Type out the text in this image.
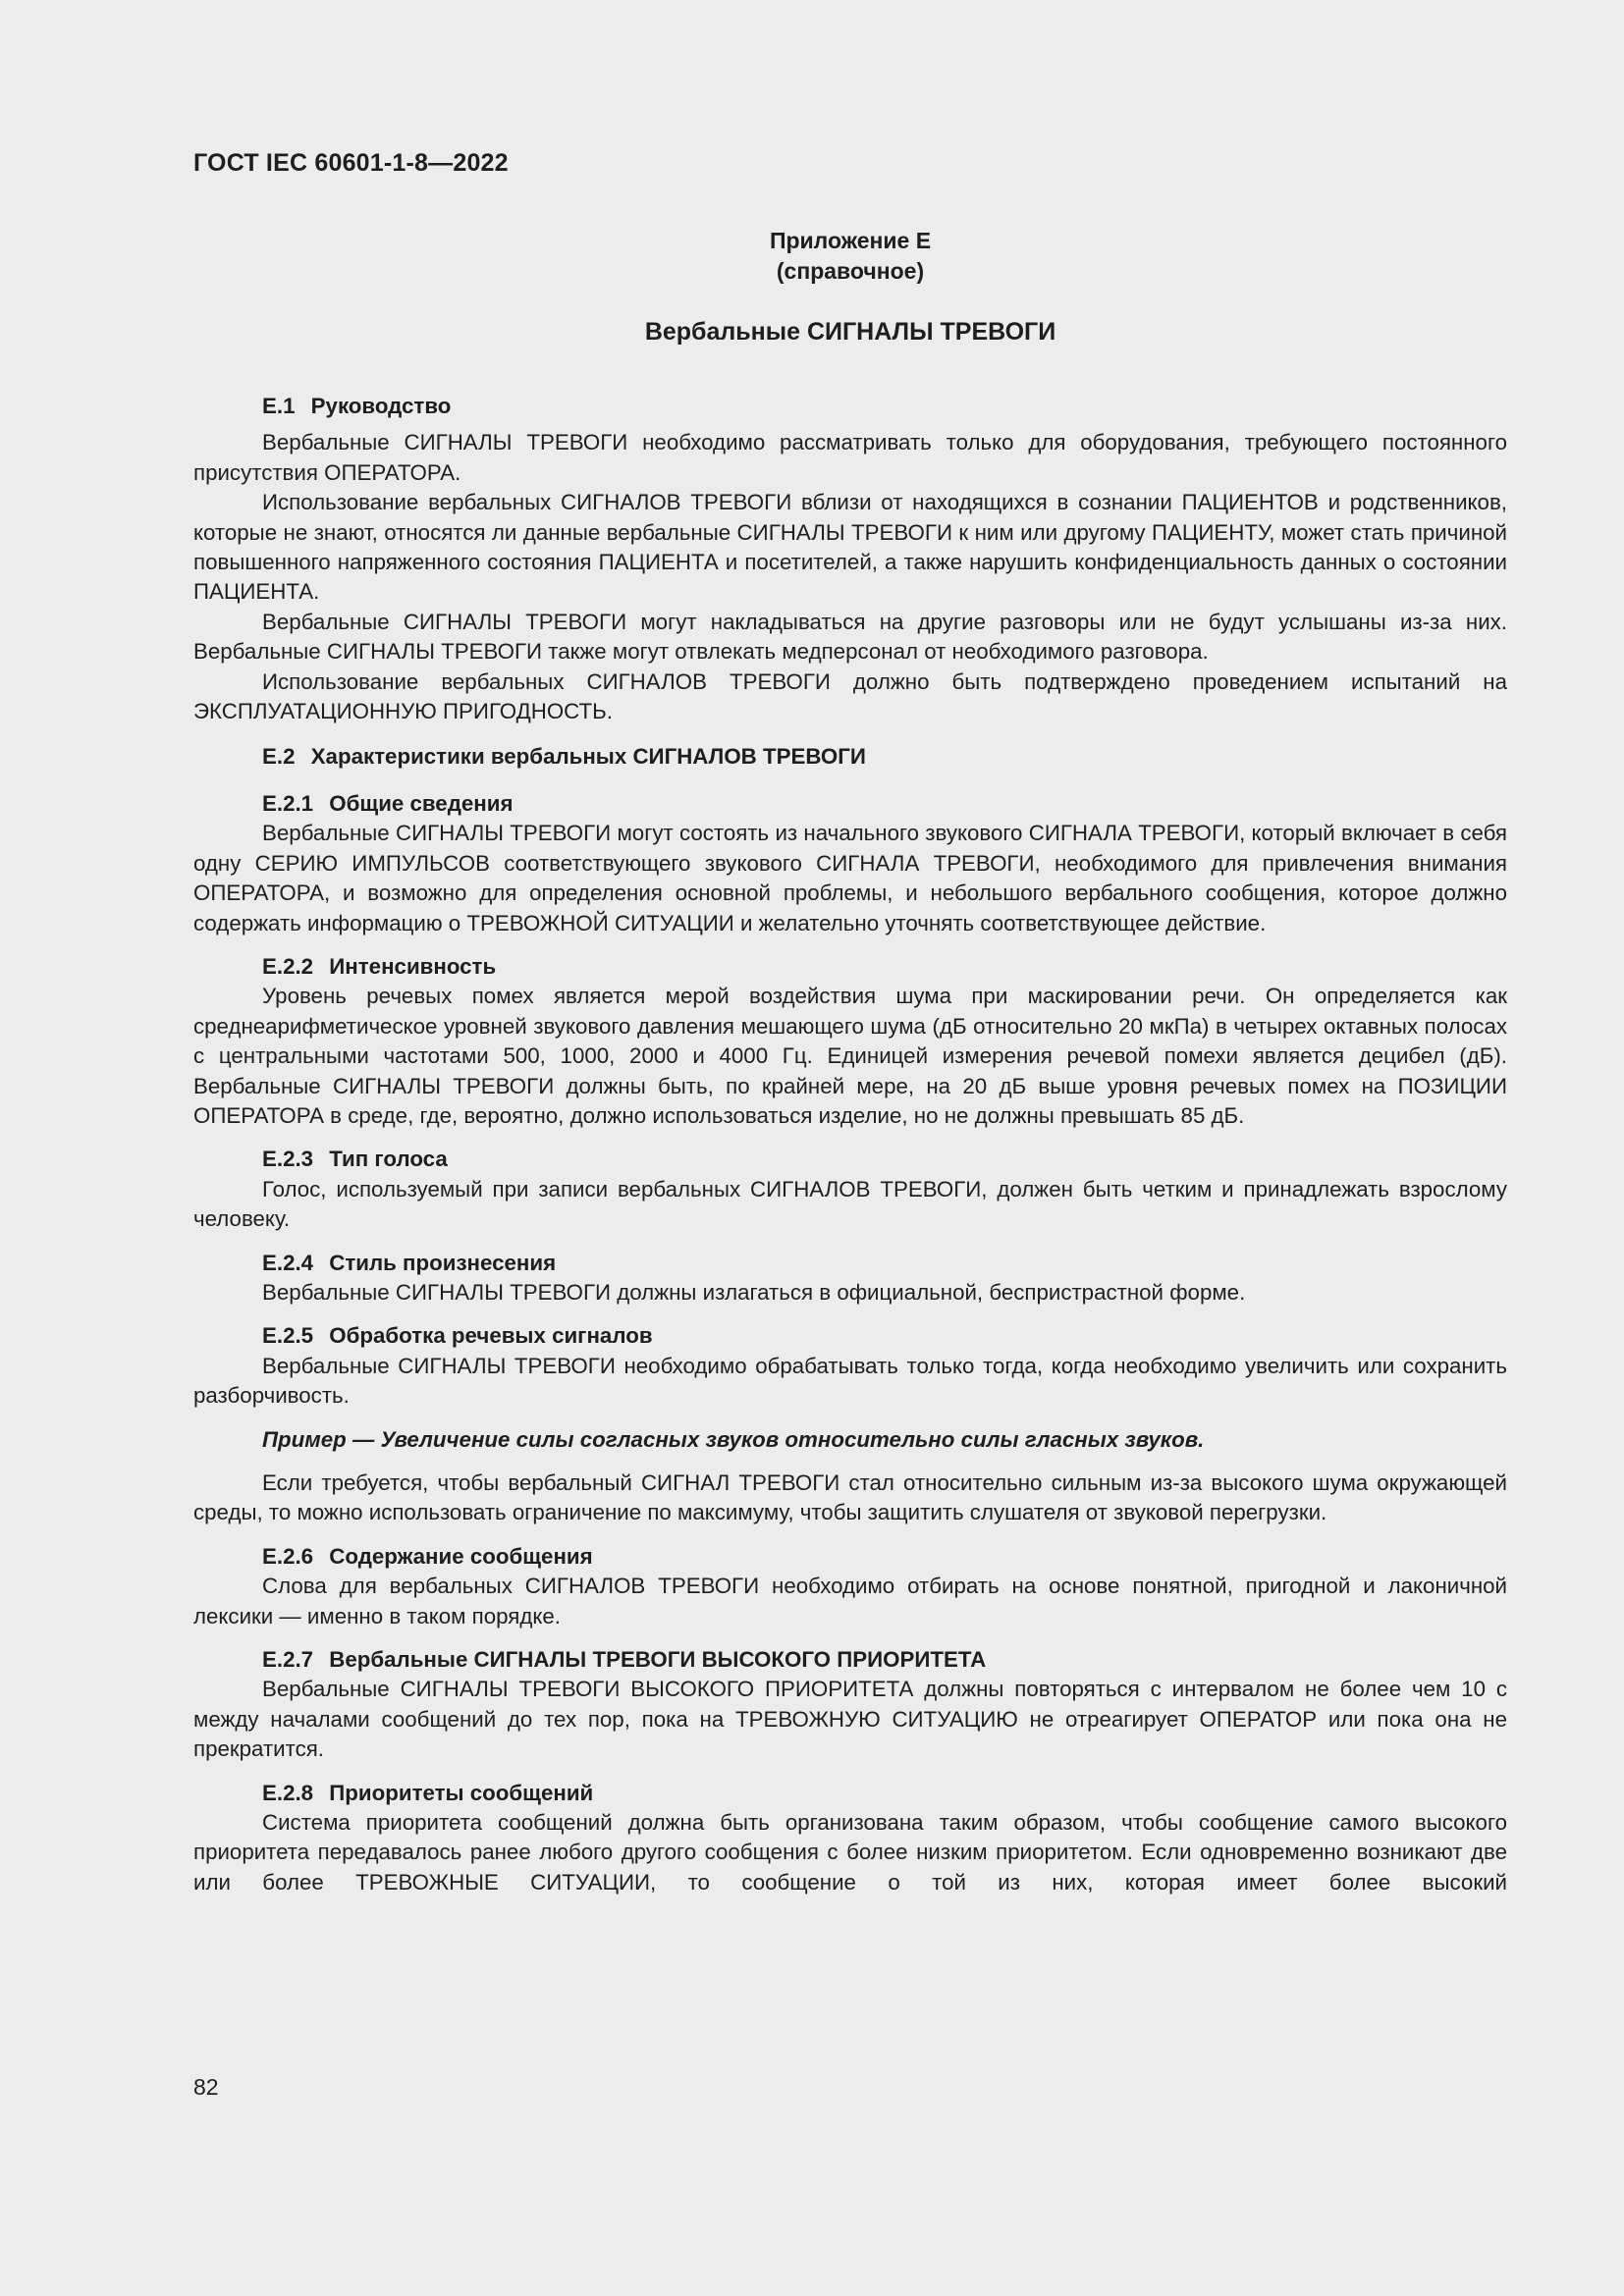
ГОСТ IEC 60601-1-8—2022
Приложение Е
(справочное)
Вербальные СИГНАЛЫ ТРЕВОГИ
Е.1 Руководство

Вербальные СИГНАЛЫ ТРЕВОГИ необходимо рассматривать только для оборудования, требующего постоянного присутствия ОПЕРАТОРА.

Использование вербальных СИГНАЛОВ ТРЕВОГИ вблизи от находящихся в сознании ПАЦИЕНТОВ и родственников, которые не знают, относятся ли данные вербальные СИГНАЛЫ ТРЕВОГИ к ним или другому ПАЦИЕНТУ, может стать причиной повышенного напряженного состояния ПАЦИЕНТА и посетителей, а также нарушить конфиденциальность данных о состоянии ПАЦИЕНТА.

Вербальные СИГНАЛЫ ТРЕВОГИ могут накладываться на другие разговоры или не будут услышаны из-за них. Вербальные СИГНАЛЫ ТРЕВОГИ также могут отвлекать медперсонал от необходимого разговора.

Использование вербальных СИГНАЛОВ ТРЕВОГИ должно быть подтверждено проведением испытаний на ЭКСПЛУАТАЦИОННУЮ ПРИГОДНОСТЬ.

Е.2 Характеристики вербальных СИГНАЛОВ ТРЕВОГИ
Е.2.1 Общие сведения

Вербальные СИГНАЛЫ ТРЕВОГИ могут состоять из начального звукового СИГНАЛА ТРЕВОГИ, который включает в себя одну СЕРИЮ ИМПУЛЬСОВ соответствующего звукового СИГНАЛА ТРЕВОГИ, необходимого для привлечения внимания ОПЕРАТОРА, и возможно для определения основной проблемы, и небольшого вербального сообщения, которое должно содержать информацию о ТРЕВОЖНОЙ СИТУАЦИИ и желательно уточнять соответствующее действие.

Е.2.2 Интенсивность

Уровень речевых помех является мерой воздействия шума при маскировании речи. Он определяется как среднеарифметическое уровней звукового давления мешающего шума (дБ относительно 20 мкПа) в четырех октавных полосах с центральными частотами 500, 1000, 2000 и 4000 Гц. Единицей измерения речевой помехи является децибел (дБ). Вербальные СИГНАЛЫ ТРЕВОГИ должны быть, по крайней мере, на 20 дБ выше уровня речевых помех на ПОЗИЦИИ ОПЕРАТОРА в среде, где, вероятно, должно использоваться изделие, но не должны превышать 85 дБ.

Е.2.3 Тип голоса

Голос, используемый при записи вербальных СИГНАЛОВ ТРЕВОГИ, должен быть четким и принадлежать взрослому человеку.

Е.2.4 Стиль произнесения

Вербальные СИГНАЛЫ ТРЕВОГИ должны излагаться в официальной, беспристрастной форме.

Е.2.5 Обработка речевых сигналов

Вербальные СИГНАЛЫ ТРЕВОГИ необходимо обрабатывать только тогда, когда необходимо увеличить или сохранить разборчивость.

Пример — Увеличение силы согласных звуков относительно силы гласных звуков.

Если требуется, чтобы вербальный СИГНАЛ ТРЕВОГИ стал относительно сильным из-за высокого шума окружающей среды, то можно использовать ограничение по максимуму, чтобы защитить слушателя от звуковой перегрузки.

Е.2.6 Содержание сообщения

Слова для вербальных СИГНАЛОВ ТРЕВОГИ необходимо отбирать на основе понятной, пригодной и лаконичной лексики — именно в таком порядке.

Е.2.7 Вербальные СИГНАЛЫ ТРЕВОГИ ВЫСОКОГО ПРИОРИТЕТА

Вербальные СИГНАЛЫ ТРЕВОГИ ВЫСОКОГО ПРИОРИТЕТА должны повторяться с интервалом не более чем 10 с между началами сообщений до тех пор, пока на ТРЕВОЖНУЮ СИТУАЦИЮ не отреагирует ОПЕРАТОР или пока она не прекратится.

Е.2.8 Приоритеты сообщений

Система приоритета сообщений должна быть организована таким образом, чтобы сообщение самого высокого приоритета передавалось ранее любого другого сообщения с более низким приоритетом. Если одновременно возникают две или более ТРЕВОЖНЫЕ СИТУАЦИИ, то сообщение о той из них, которая имеет более высокий

82
